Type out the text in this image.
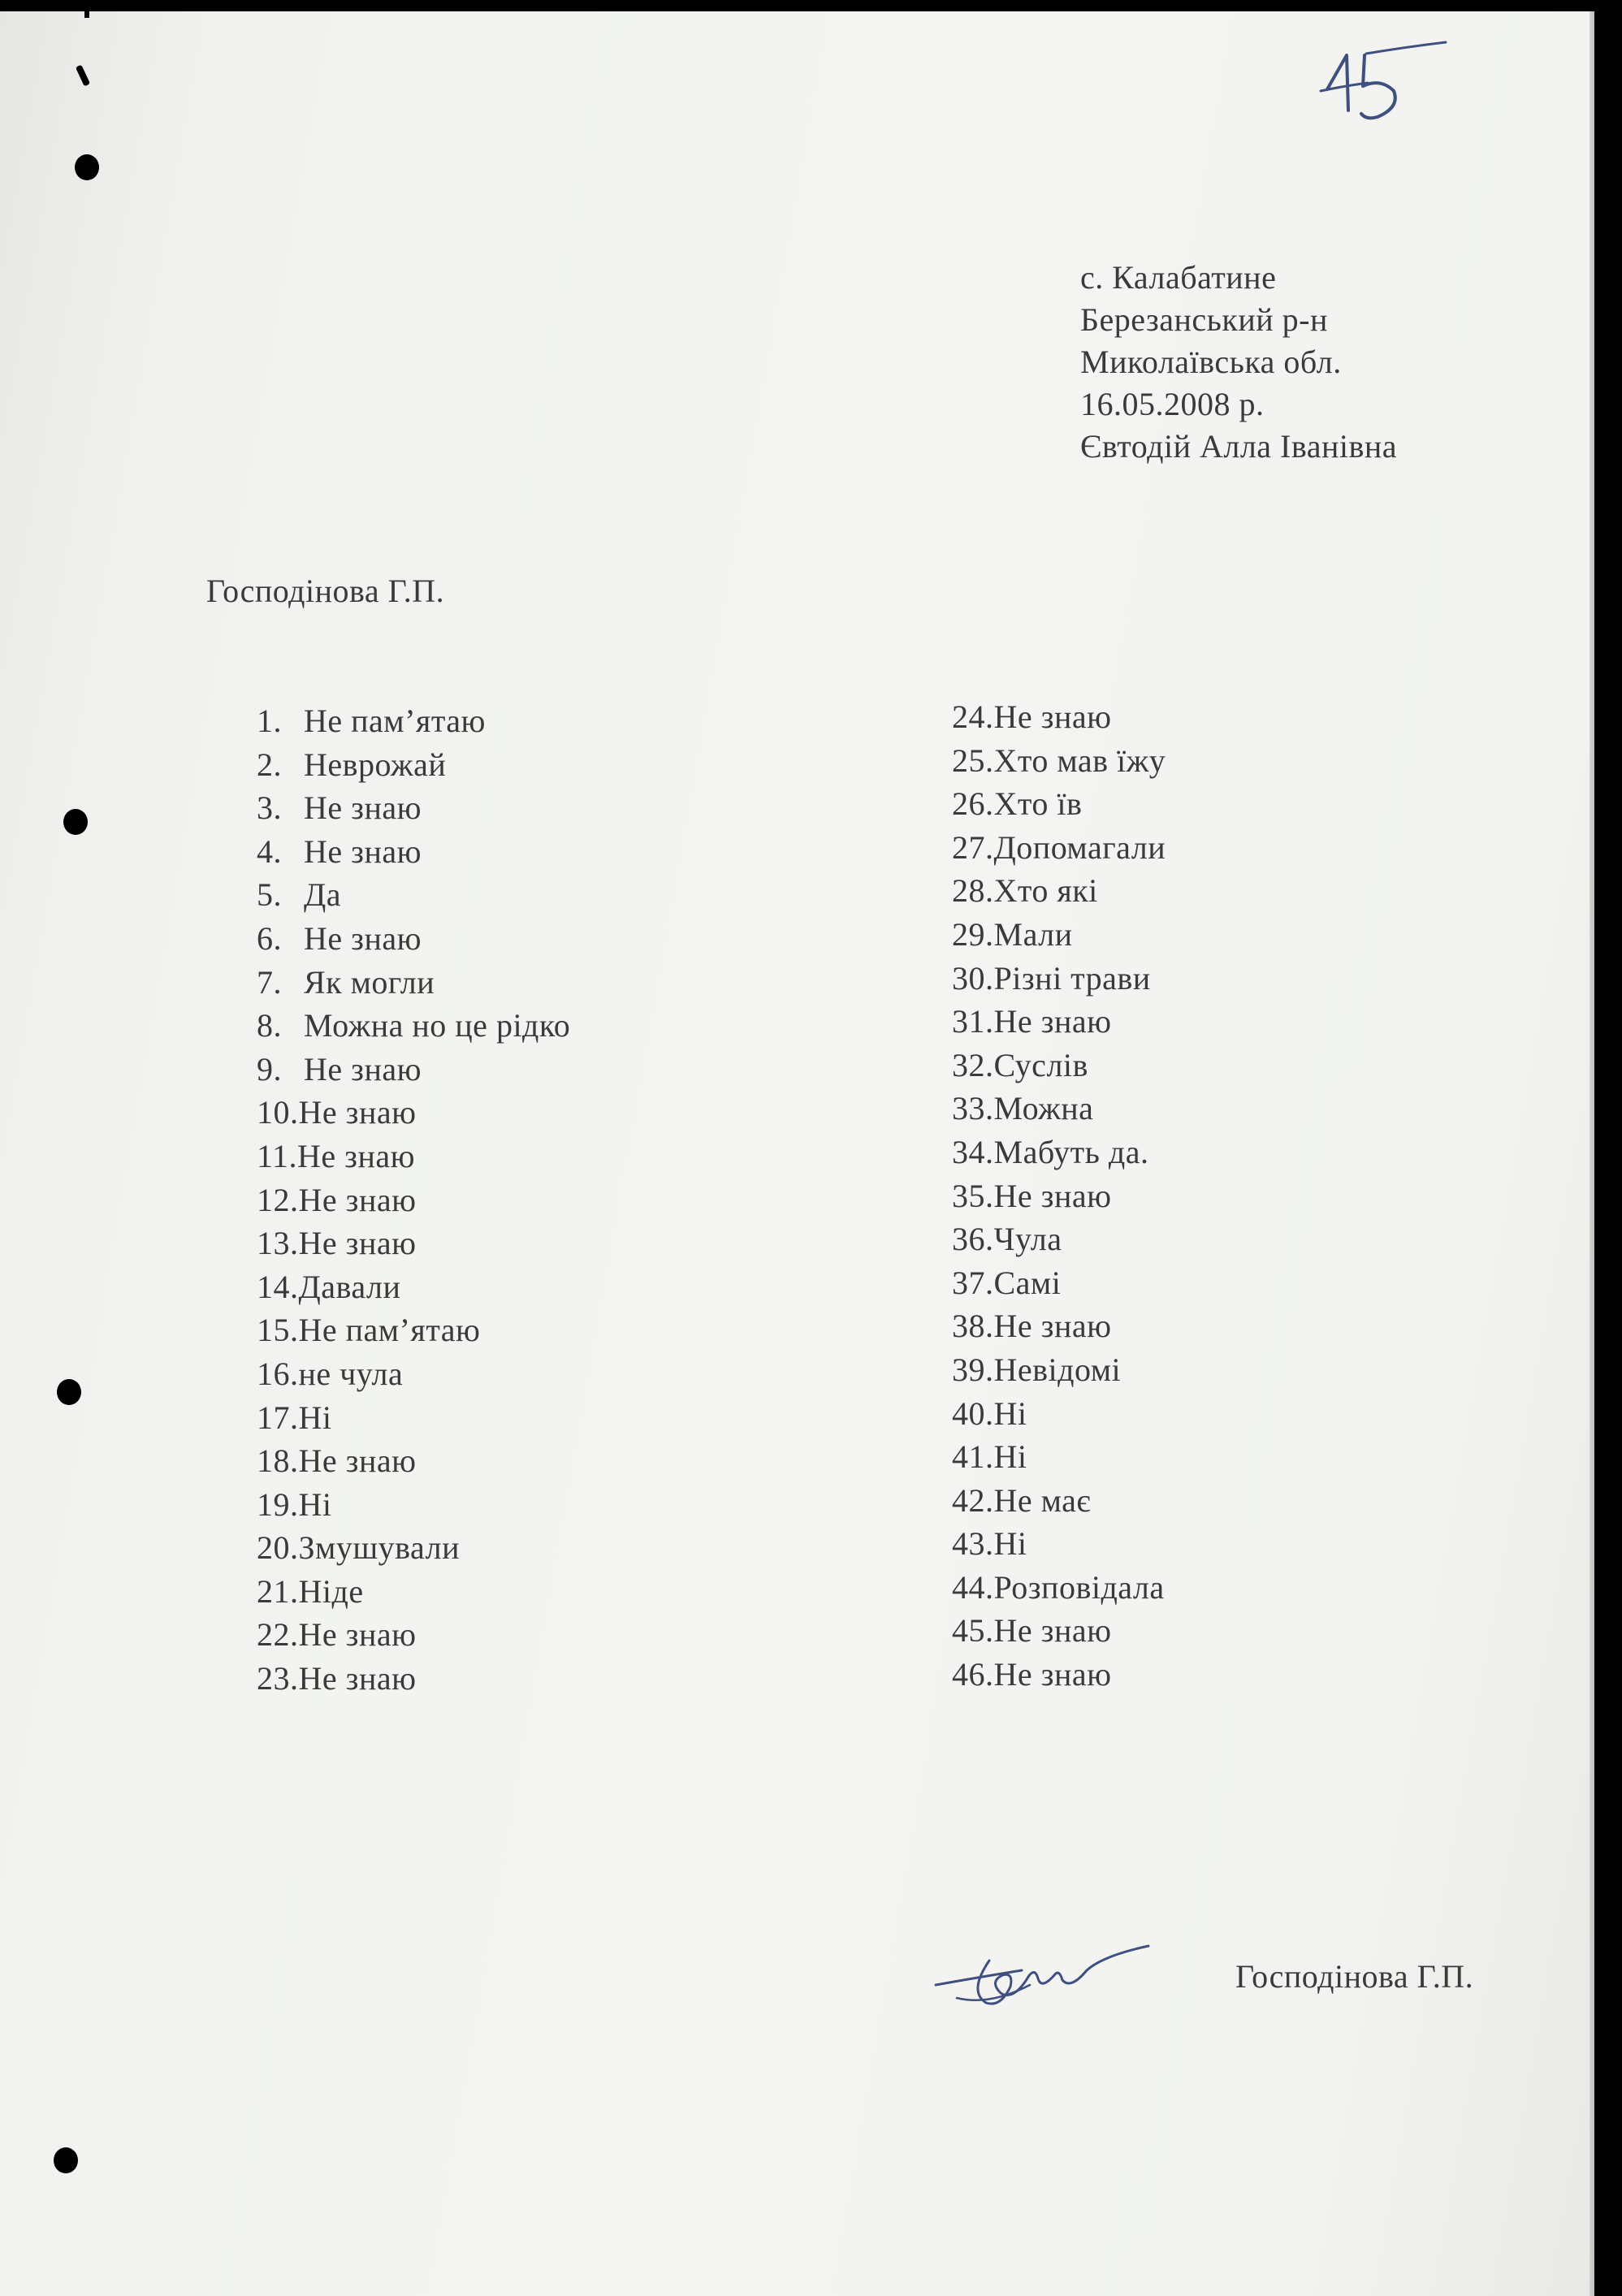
с. Калабатине
Березанський р-н
Миколаївська обл.
16.05.2008 р.
Євтодій Алла Іванівна
Господінова Г.П.
1. Не пам’ятаю
2. Неврожай
3. Не знаю
4. Не знаю
5. Да
6. Не знаю
7. Як могли
8. Можна но це рідко
9. Не знаю
10. Не знаю
11. Не знаю
12. Не знаю
13. Не знаю
14. Давали
15. Не пам’ятаю
16. не чула
17. Ні
18. Не знаю
19. Ні
20. Змушували
21. Ніде
22. Не знаю
23. Не знаю
24. Не знаю
25. Хто мав їжу
26. Хто їв
27. Допомагали
28. Хто які
29. Мали
30. Різні трави
31. Не знаю
32. Суслів
33. Можна
34. Мабуть да.
35. Не знаю
36. Чула
37. Самі
38. Не знаю
39. Невідомі
40. Ні
41. Ні
42. Не має
43. Ні
44. Розповідала
45. Не знаю
46. Не знаю
Господінова Г.П.
